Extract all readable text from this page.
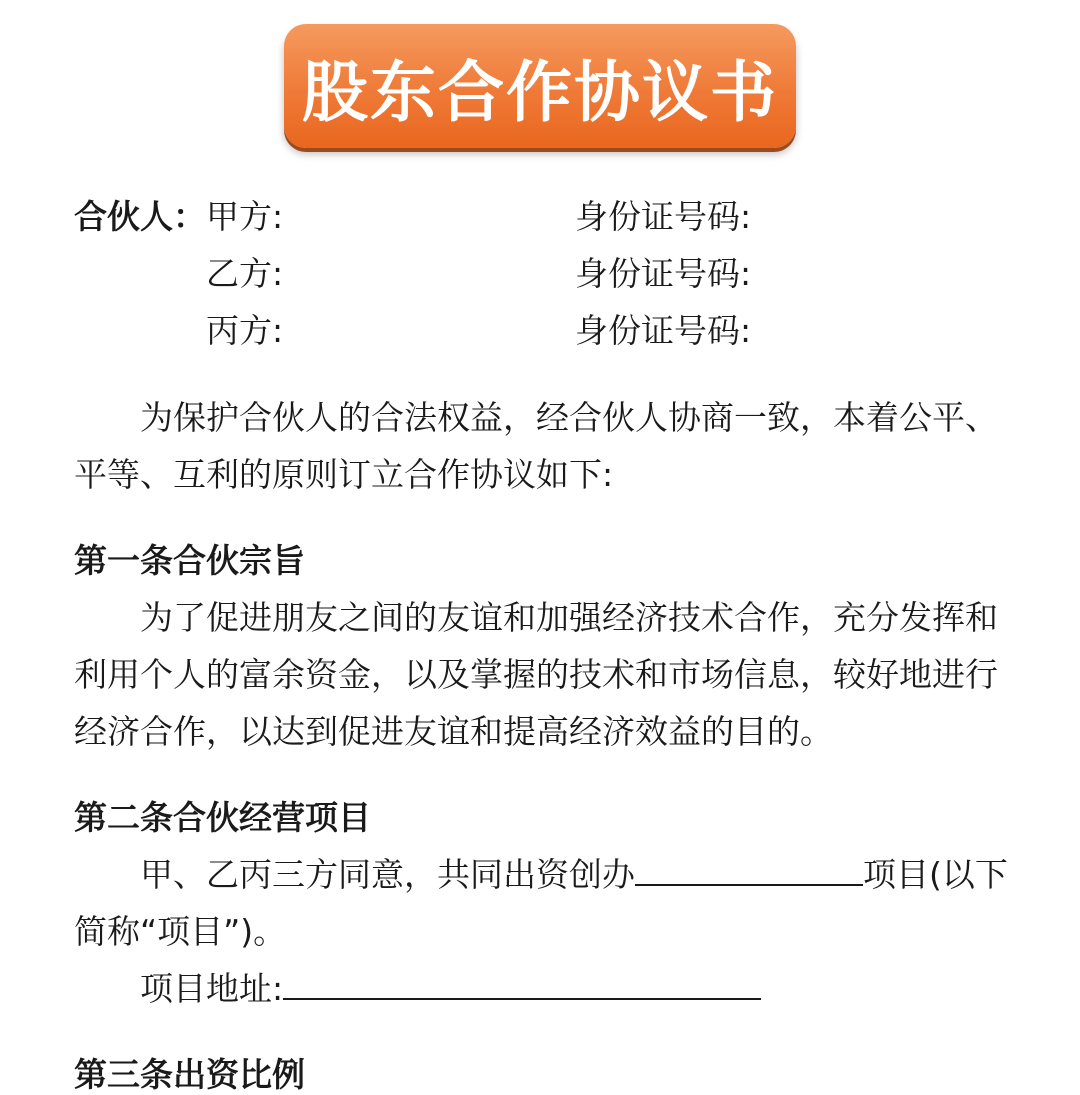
股东合作协议书
合伙人： 甲方:	身份证号码:
乙方:	身份证号码:
丙方:	身份证号码:
为保护合伙人的合法权益，经合伙人协商一致，本着公平、
平等、互利的原则订立合作协议如下:
第一条合伙宗旨
为了促进朋友之间的友谊和加强经济技术合作，充分发挥和
利用个人的富余资金，以及掌握的技术和市场信息，较好地进行
经济合作，以达到促进友谊和提高经济效益的目的。
第二条合伙经营项目
甲、乙丙三方同意，共同出资创办	项目(以下
简称“项目”)。
项目地址:
第三条出资比例
